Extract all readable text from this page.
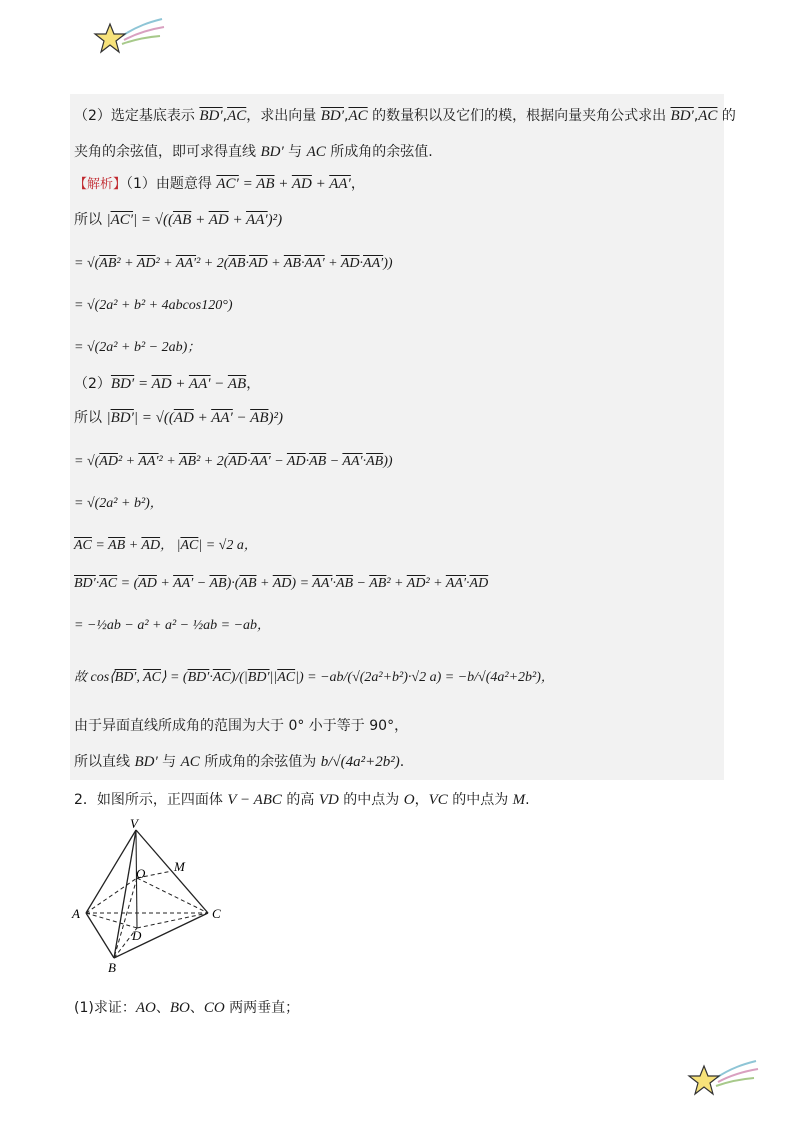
（2）选定基底表示 $BD',\overline{AC}$，求出向量 $BD',\overline{AC}$ 的数量积以及它们的模，根据向量夹角公式求出 $BD',\overline{AC}$ 的
夹角的余弦值，即可求得直线 BD′ 与 AC 所成角的余弦值.
【解析】（1）由题意得 $AC' = \overline{AB} + \overline{AD} + AA'$，
所以 $|AC'| = √((\overline{AB} + \overline{AD} + AA')^2)$
= $√(\overline{AB}^2 + \overline{AD}^2 + AA'^2 + 2(\overline{AB}\cdot\overline{AD} + \overline{AB}\cdot AA' + \overline{AD}\cdot AA'))$
= √(2a² + b² + 4abcos120°)
= √(2a² + b² − 2ab)；
$(2)BD' = \overline{AD} + AA' - \overline{AB}$，
所以 $|BD'| = √((\overline{AD} + AA' - \overline{AB})^2)$
= $√(\overline{AD}^2 + AA'^2 + \overline{AB}^2 + 2(\overline{AD}\cdot AA' - \overline{AD}\cdot\overline{AB} - AA'\cdot\overline{AB}))$
= √(2a² + b²)，
$\overline{AC} = \overline{AB} + \overline{AD}$， $|\overline{AC}| = √2$ a，
$BD'\cdot\overline{AC} = (\overline{AD} + AA' - \overline{AB})\cdot(\overline{AB} + \overline{AD}) = AA'\cdot\overline{AB} - \overline{AB}^2 + \overline{AD}^2 + AA'\cdot\overline{AD}$
= −½ab − a² + a² − ½ab = −ab，
故 cos⟨BD′, $\overline{AC}⟩ = (BD'\cdot\overline{AC})/(|BD'||\overline{AC}|) = -ab/(√(2a^2+b^2)\cdot√2$ a) = −b/√(4a²+2b²)，
由于异面直线所成角的范围为大于 0° 小于等于 90°，
所以直线 BD′ 与 AC 所成角的余弦值为 b/√(4a²+2b²).
2．如图所示，正四面体 V − ABC 的高 VD 的中点为 O，VC 的中点为 M.
V
M
O
A	C
D
B
(1)求证：AO、BO、CO 两两垂直；
